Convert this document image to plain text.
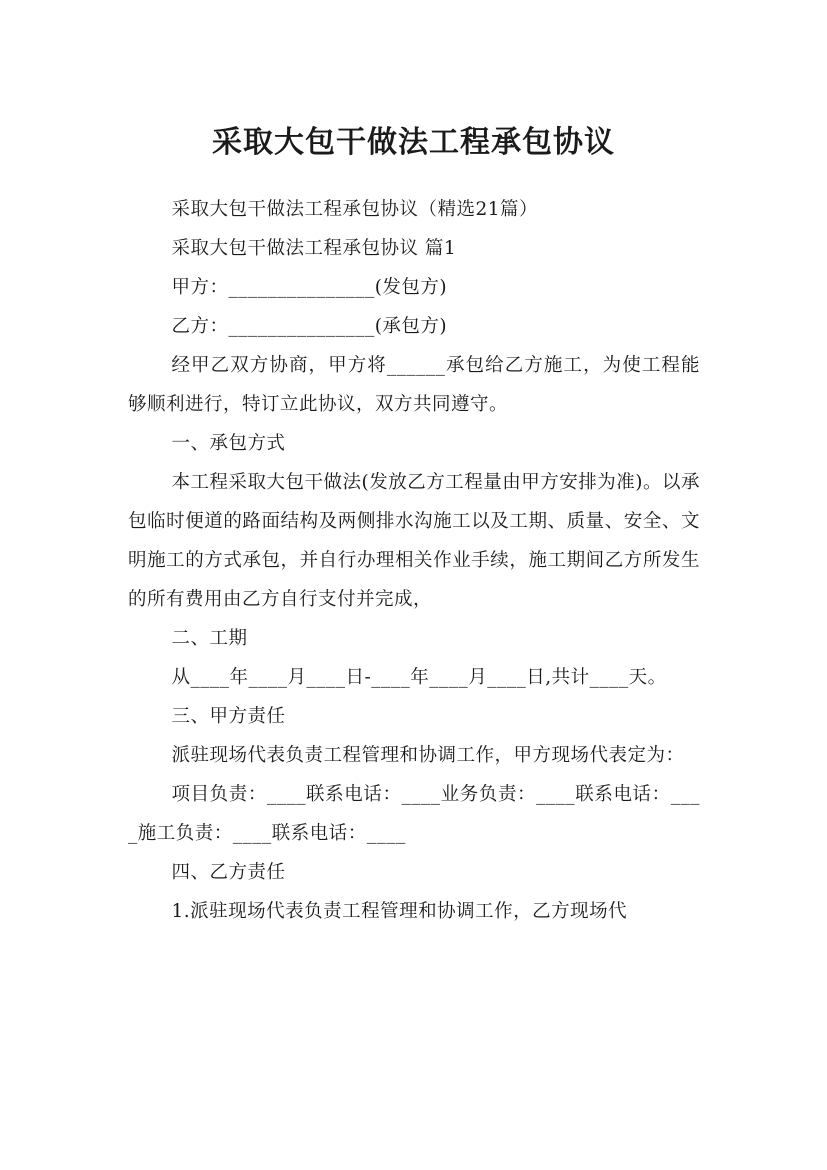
采取大包干做法工程承包协议

采取大包干做法工程承包协议（精选21篇）

采取大包干做法工程承包协议 篇1

甲方：_______________(发包方)

乙方：_______________(承包方)

经甲乙双方协商，甲方将______承包给乙方施工，为使工程能够顺利进行，特订立此协议，双方共同遵守。

一、承包方式

本工程采取大包干做法(发放乙方工程量由甲方安排为准)。以承包临时便道的路面结构及两侧排水沟施工以及工期、质量、安全、文明施工的方式承包，并自行办理相关作业手续，施工期间乙方所发生的所有费用由乙方自行支付并完成，

二、工期

从____年____月____日-____年____月____日,共计____天。

三、甲方责任

派驻现场代表负责工程管理和协调工作，甲方现场代表定为：

项目负责：____联系电话：____业务负责：____联系电话：____施工负责：____联系电话：____

四、乙方责任

1.派驻现场代表负责工程管理和协调工作，乙方现场代
